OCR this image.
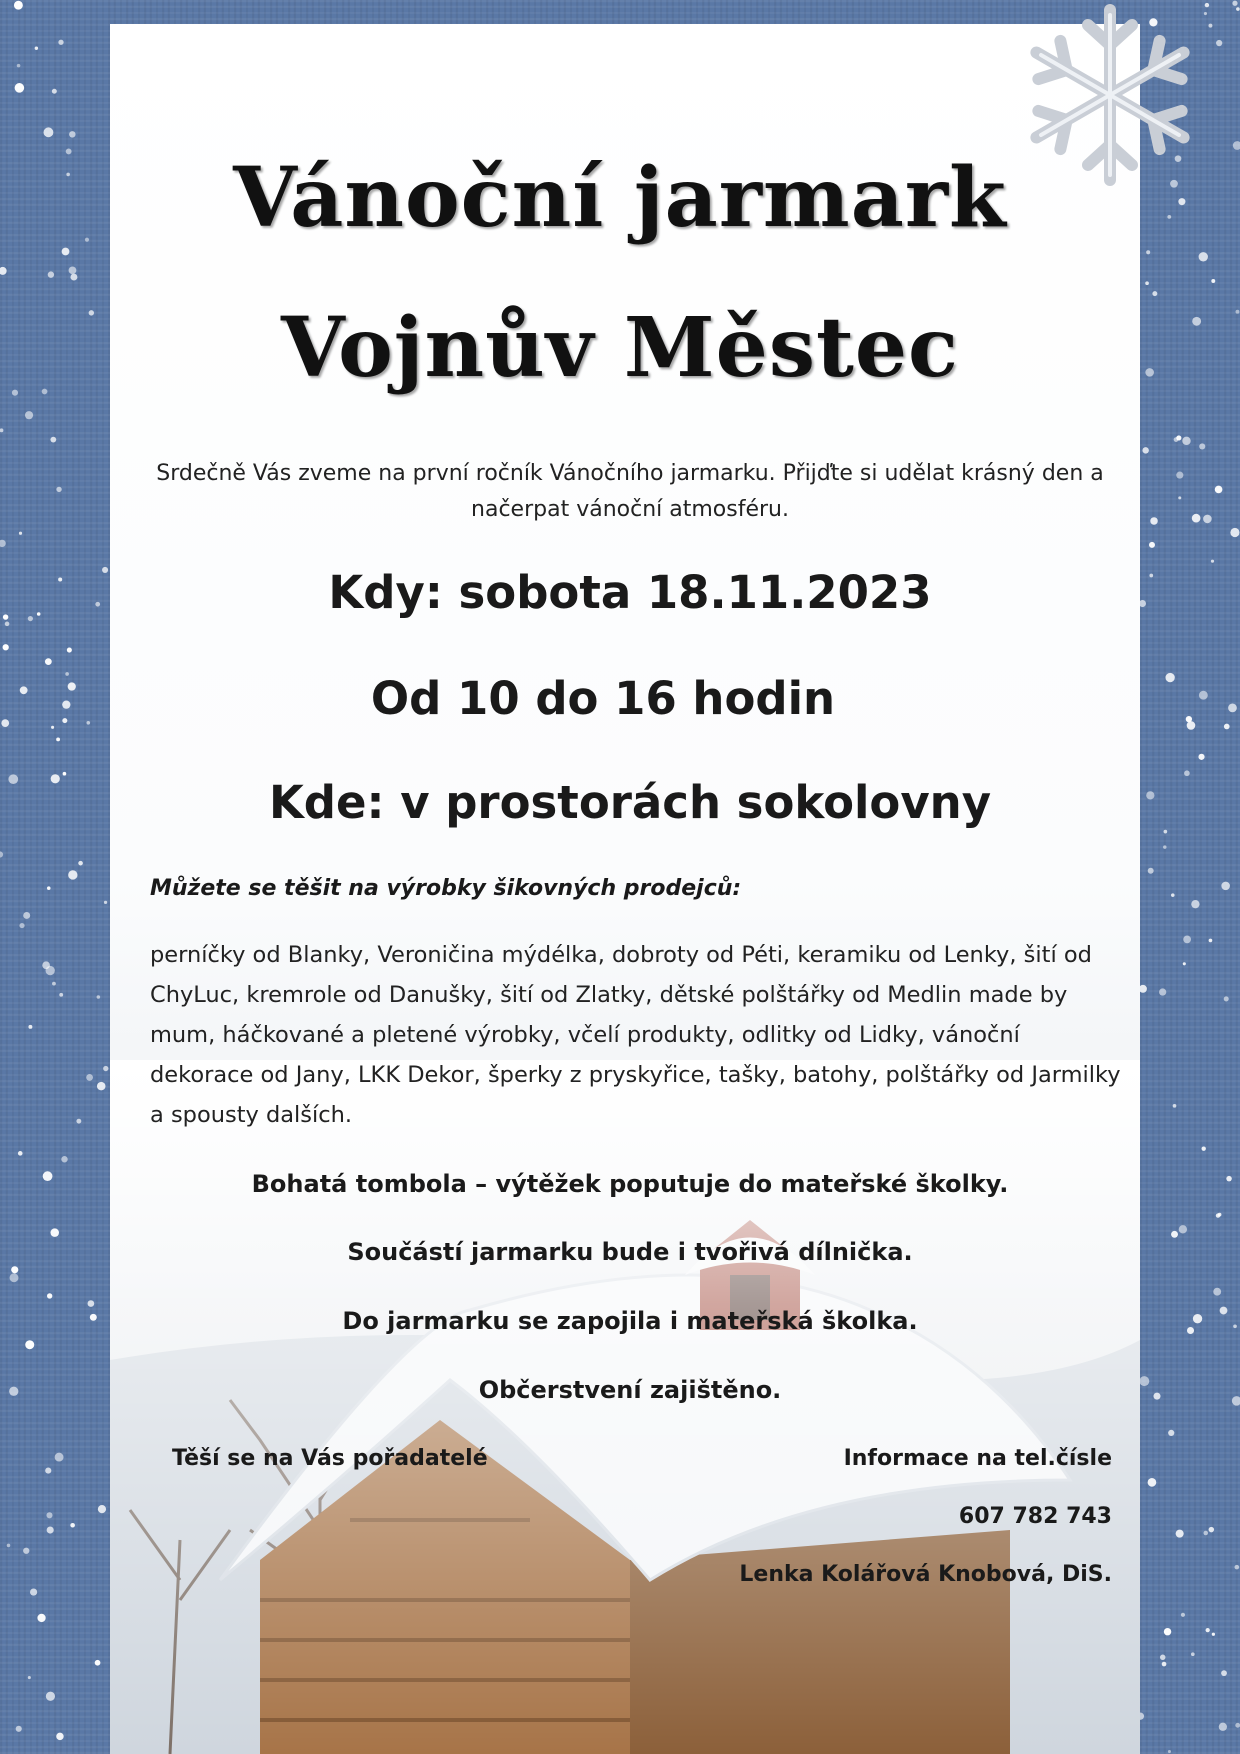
Vánoční jarmark
Vojnův Městec
Srdečně Vás zveme na první ročník Vánočního jarmarku. Přijďte si udělat krásný den a načerpat vánoční atmosféru.
Kdy: sobota 18.11.2023
Od 10 do 16 hodin
Kde: v prostorách sokolovny
Můžete se těšit na výrobky šikovných prodejců:
perníčky od Blanky, Veroničina mýdélka, dobroty od Péti, keramiku od Lenky, šití od ChyLuc, kremrole od Danušky, šití od Zlatky, dětské polštářky od Medlin made by mum, háčkované a pletené výrobky, včelí produkty, odlitky od Lidky, vánoční dekorace od Jany, LKK Dekor, šperky z pryskyřice, tašky, batohy, polštářky od Jarmilky a spousty dalších.
Bohatá tombola – výtěžek poputuje do mateřské školky.
Součástí jarmarku bude i tvořivá dílnička.
Do jarmarku se zapojila i mateřská školka.
Občerstvení zajištěno.
Těší se na Vás pořadatelé	Informace na tel.čísle
607 782 743
Lenka Kolářová Knobová, DiS.
